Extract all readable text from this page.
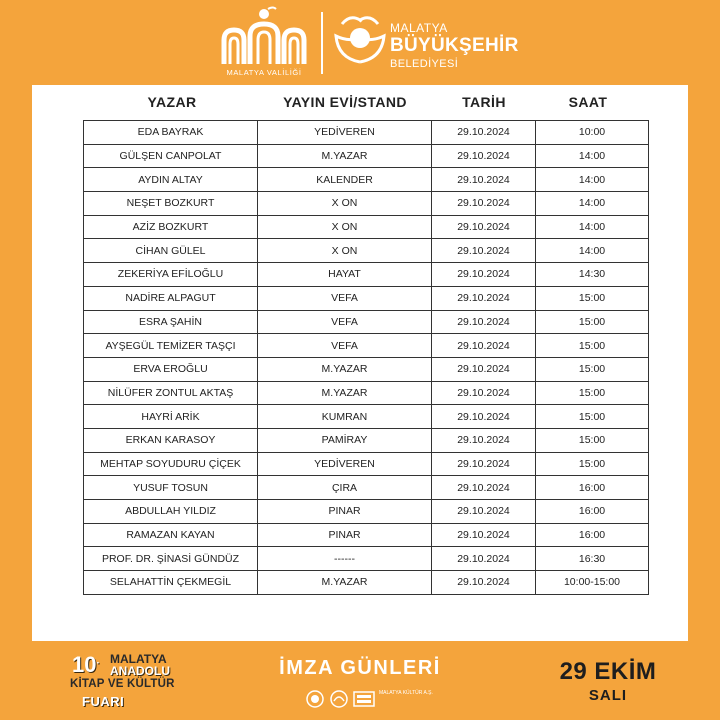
MALATYA VALİLİĞİ
MALATYA
BÜYÜKŞEHİR
BELEDİYESİ
YAZAR	YAYIN EVİ/STAND	TARİH	SAAT
EDA BAYRAK	YEDİVEREN	29.10.2024	10:00
GÜLŞEN CANPOLAT	M.YAZAR	29.10.2024	14:00
AYDIN ALTAY	KALENDER	29.10.2024	14:00
NEŞET BOZKURT	X ON	29.10.2024	14:00
AZİZ BOZKURT	X ON	29.10.2024	14:00
CİHAN GÜLEL	X ON	29.10.2024	14:00
ZEKERİYA EFİLOĞLU	HAYAT	29.10.2024	14:30
NADİRE ALPAGUT	VEFA	29.10.2024	15:00
ESRA ŞAHİN	VEFA	29.10.2024	15:00
AYŞEGÜL TEMİZER TAŞÇI	VEFA	29.10.2024	15:00
ERVA EROĞLU	M.YAZAR	29.10.2024	15:00
NİLÜFER ZONTUL AKTAŞ	M.YAZAR	29.10.2024	15:00
HAYRİ ARİK	KUMRAN	29.10.2024	15:00
ERKAN KARASOY	PAMİRAY	29.10.2024	15:00
MEHTAP SOYUDURU ÇİÇEK	YEDİVEREN	29.10.2024	15:00
YUSUF TOSUN	ÇIRA	29.10.2024	16:00
ABDULLAH YILDIZ	PINAR	29.10.2024	16:00
RAMAZAN KAYAN	PINAR	29.10.2024	16:00
PROF. DR. ŞİNASİ GÜNDÜZ	------	29.10.2024	16:30
SELAHATTİN ÇEKMEGİL	M.YAZAR	29.10.2024	10:00-15:00
10. MALATYA
ANADOLU
KİTAP VE KÜLTÜR
FUARI
İMZA GÜNLERİ
MALATYA KÜLTÜR A.Ş.
29 EKİM
SALI
